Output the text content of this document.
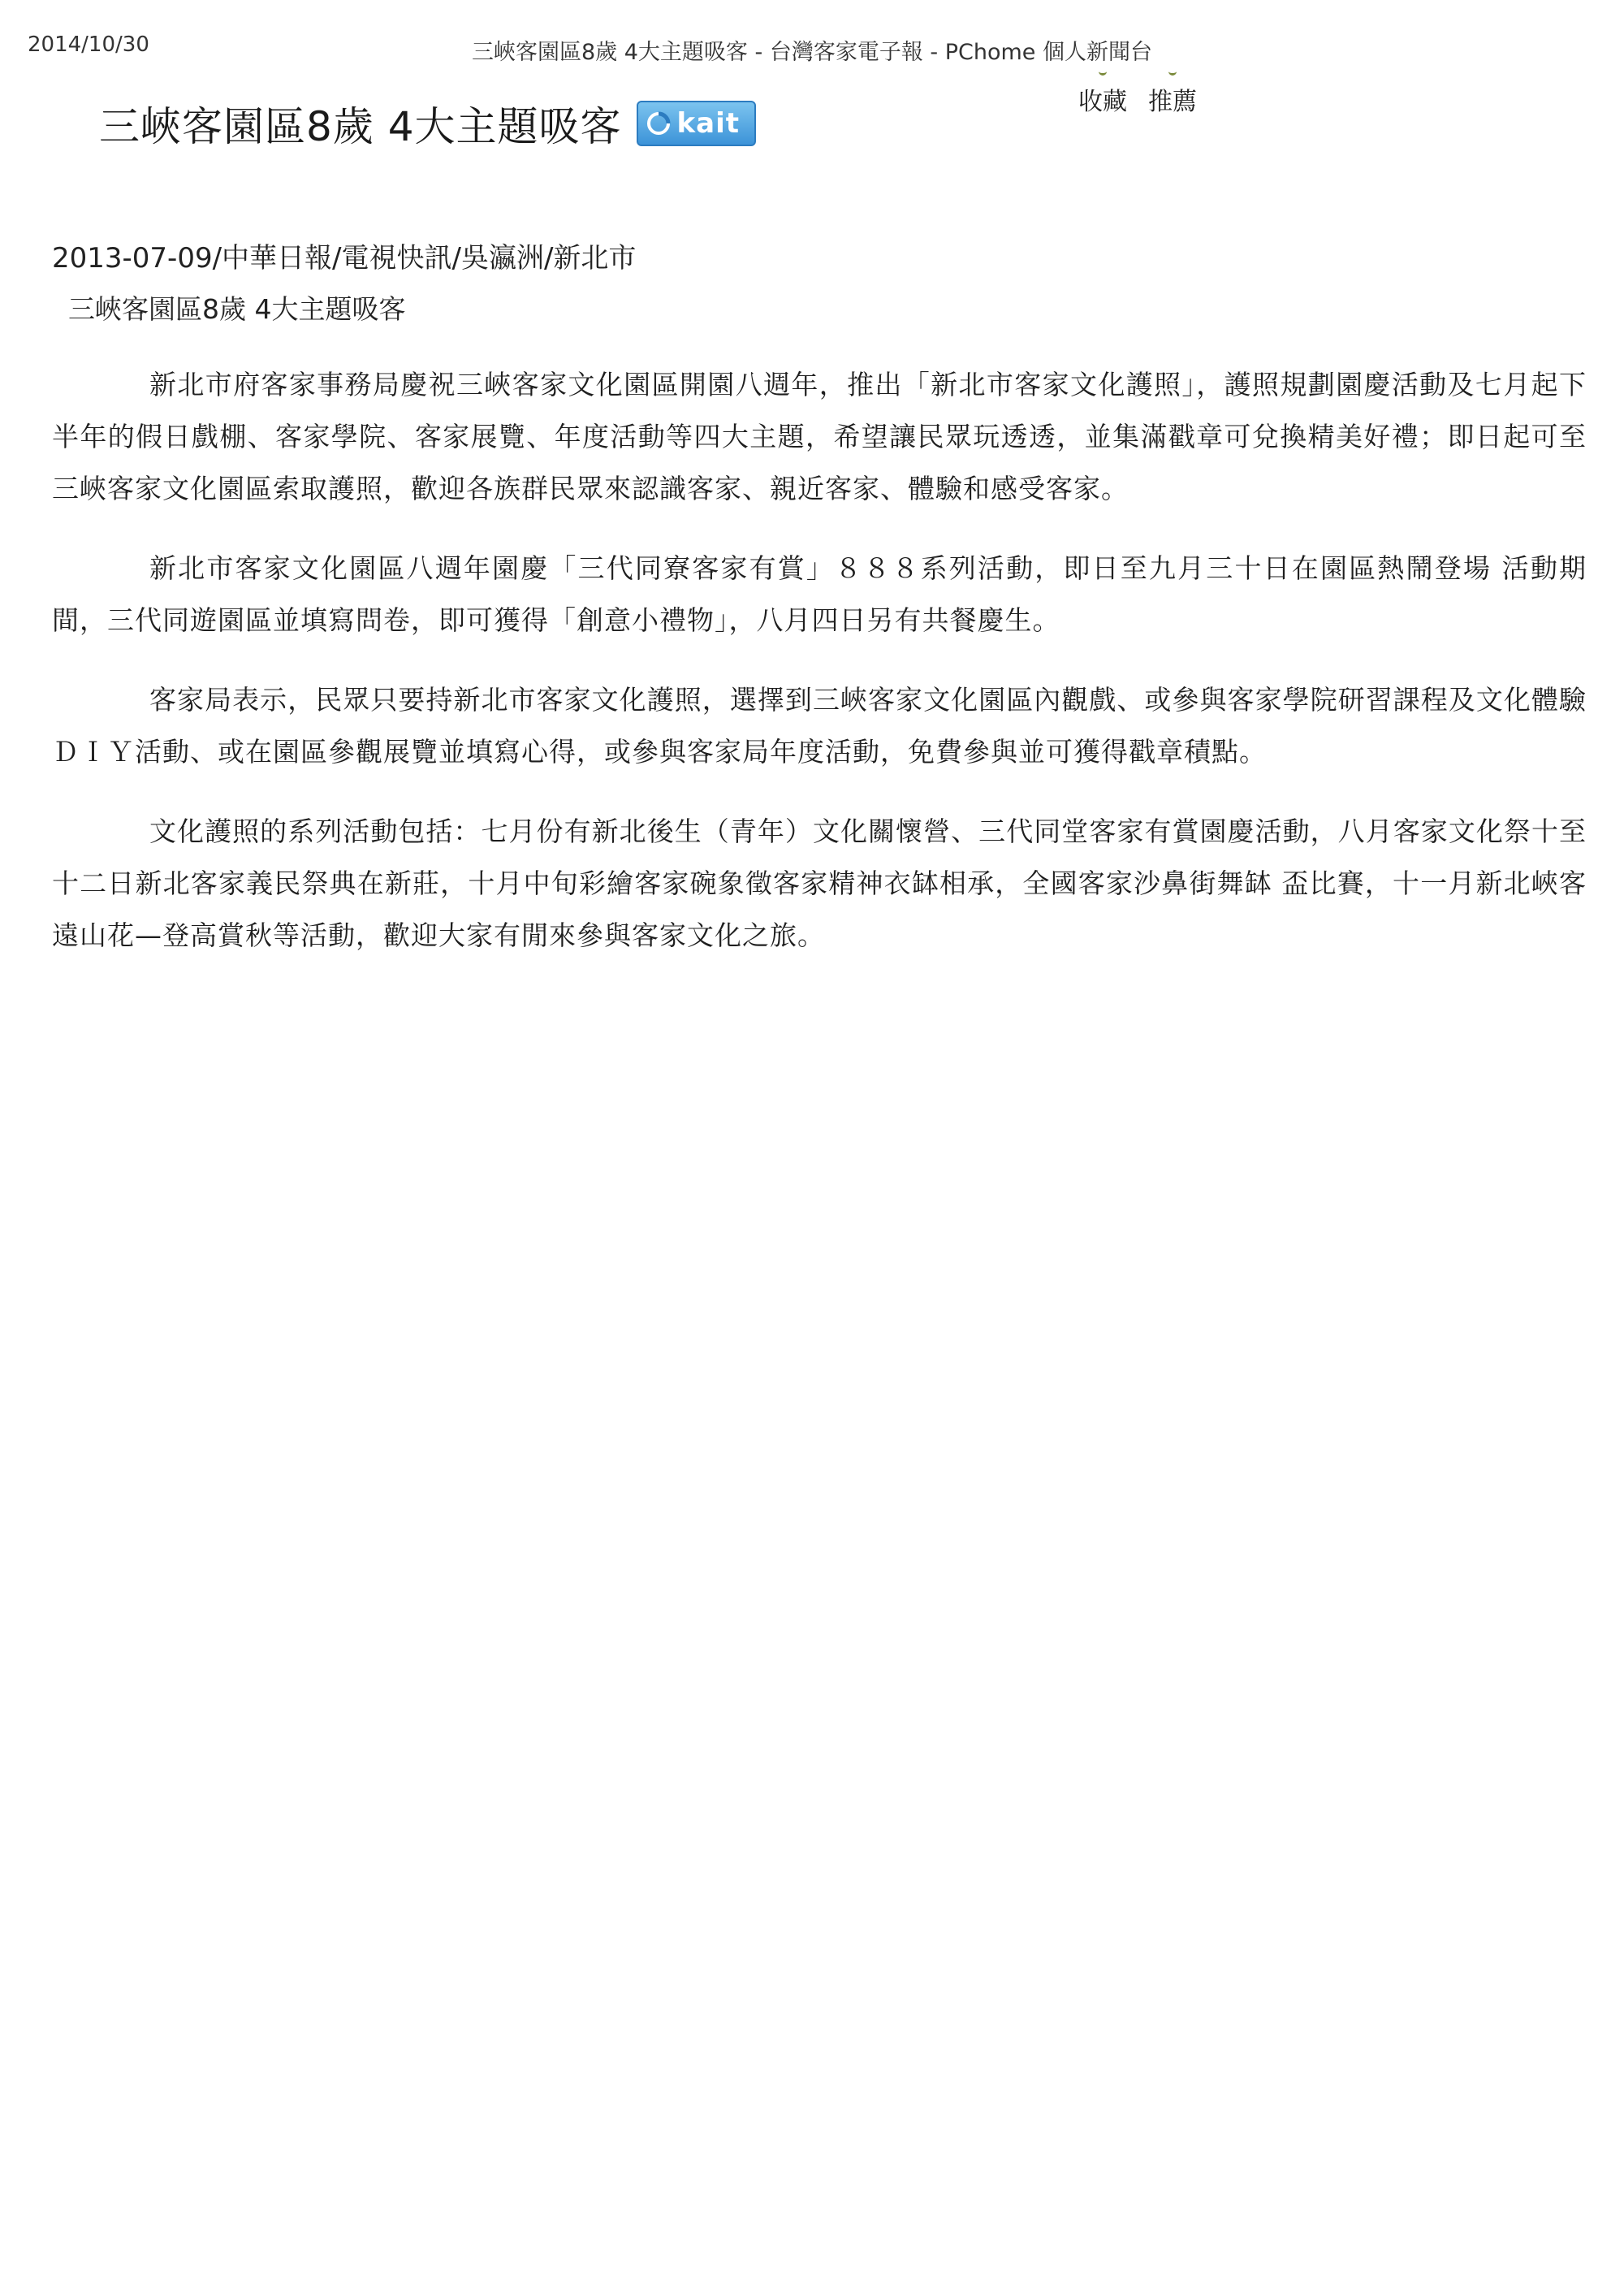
2014/10/30	三峽客園區8歲 4大主題吸客 - 台灣客家電子報 - PChome 個人新聞台
三峽客園區8歲 4大主題吸客 kait
收藏 推薦
2013-07-09/中華日報/電視快訊/吳瀛洲/新北市
三峽客園區8歲 4大主題吸客

新北市府客家事務局慶祝三峽客家文化園區開園八週年，推出「新北市客家文化護照」，護照規劃園慶活動及七月起下半年的假日戲棚、客家學院、客家展覽、年度活動等四大主題，希望讓民眾玩透透，並集滿戳章可兌換精美好禮；即日起可至三峽客家文化園區索取護照，歡迎各族群民眾來認識客家、親近客家、體驗和感受客家。

新北市客家文化園區八週年園慶「三代同寮客家有賞」８８８系列活動，即日至九月三十日在園區熱鬧登場 活動期間，三代同遊園區並填寫問卷，即可獲得「創意小禮物」，八月四日另有共餐慶生。

客家局表示，民眾只要持新北市客家文化護照，選擇到三峽客家文化園區內觀戲、或參與客家學院研習課程及文化體驗ＤＩＹ活動、或在園區參觀展覽並填寫心得，或參與客家局年度活動，免費參與並可獲得戳章積點。

文化護照的系列活動包括：七月份有新北後生（青年）文化關懷營、三代同堂客家有賞園慶活動，八月客家文化祭十至十二日新北客家義民祭典在新莊，十月中旬彩繪客家碗象徵客家精神衣缽相承，全國客家沙鼻街舞缽 盃比賽，十一月新北峽客遠山花—登高賞秋等活動，歡迎大家有閒來參與客家文化之旅。
